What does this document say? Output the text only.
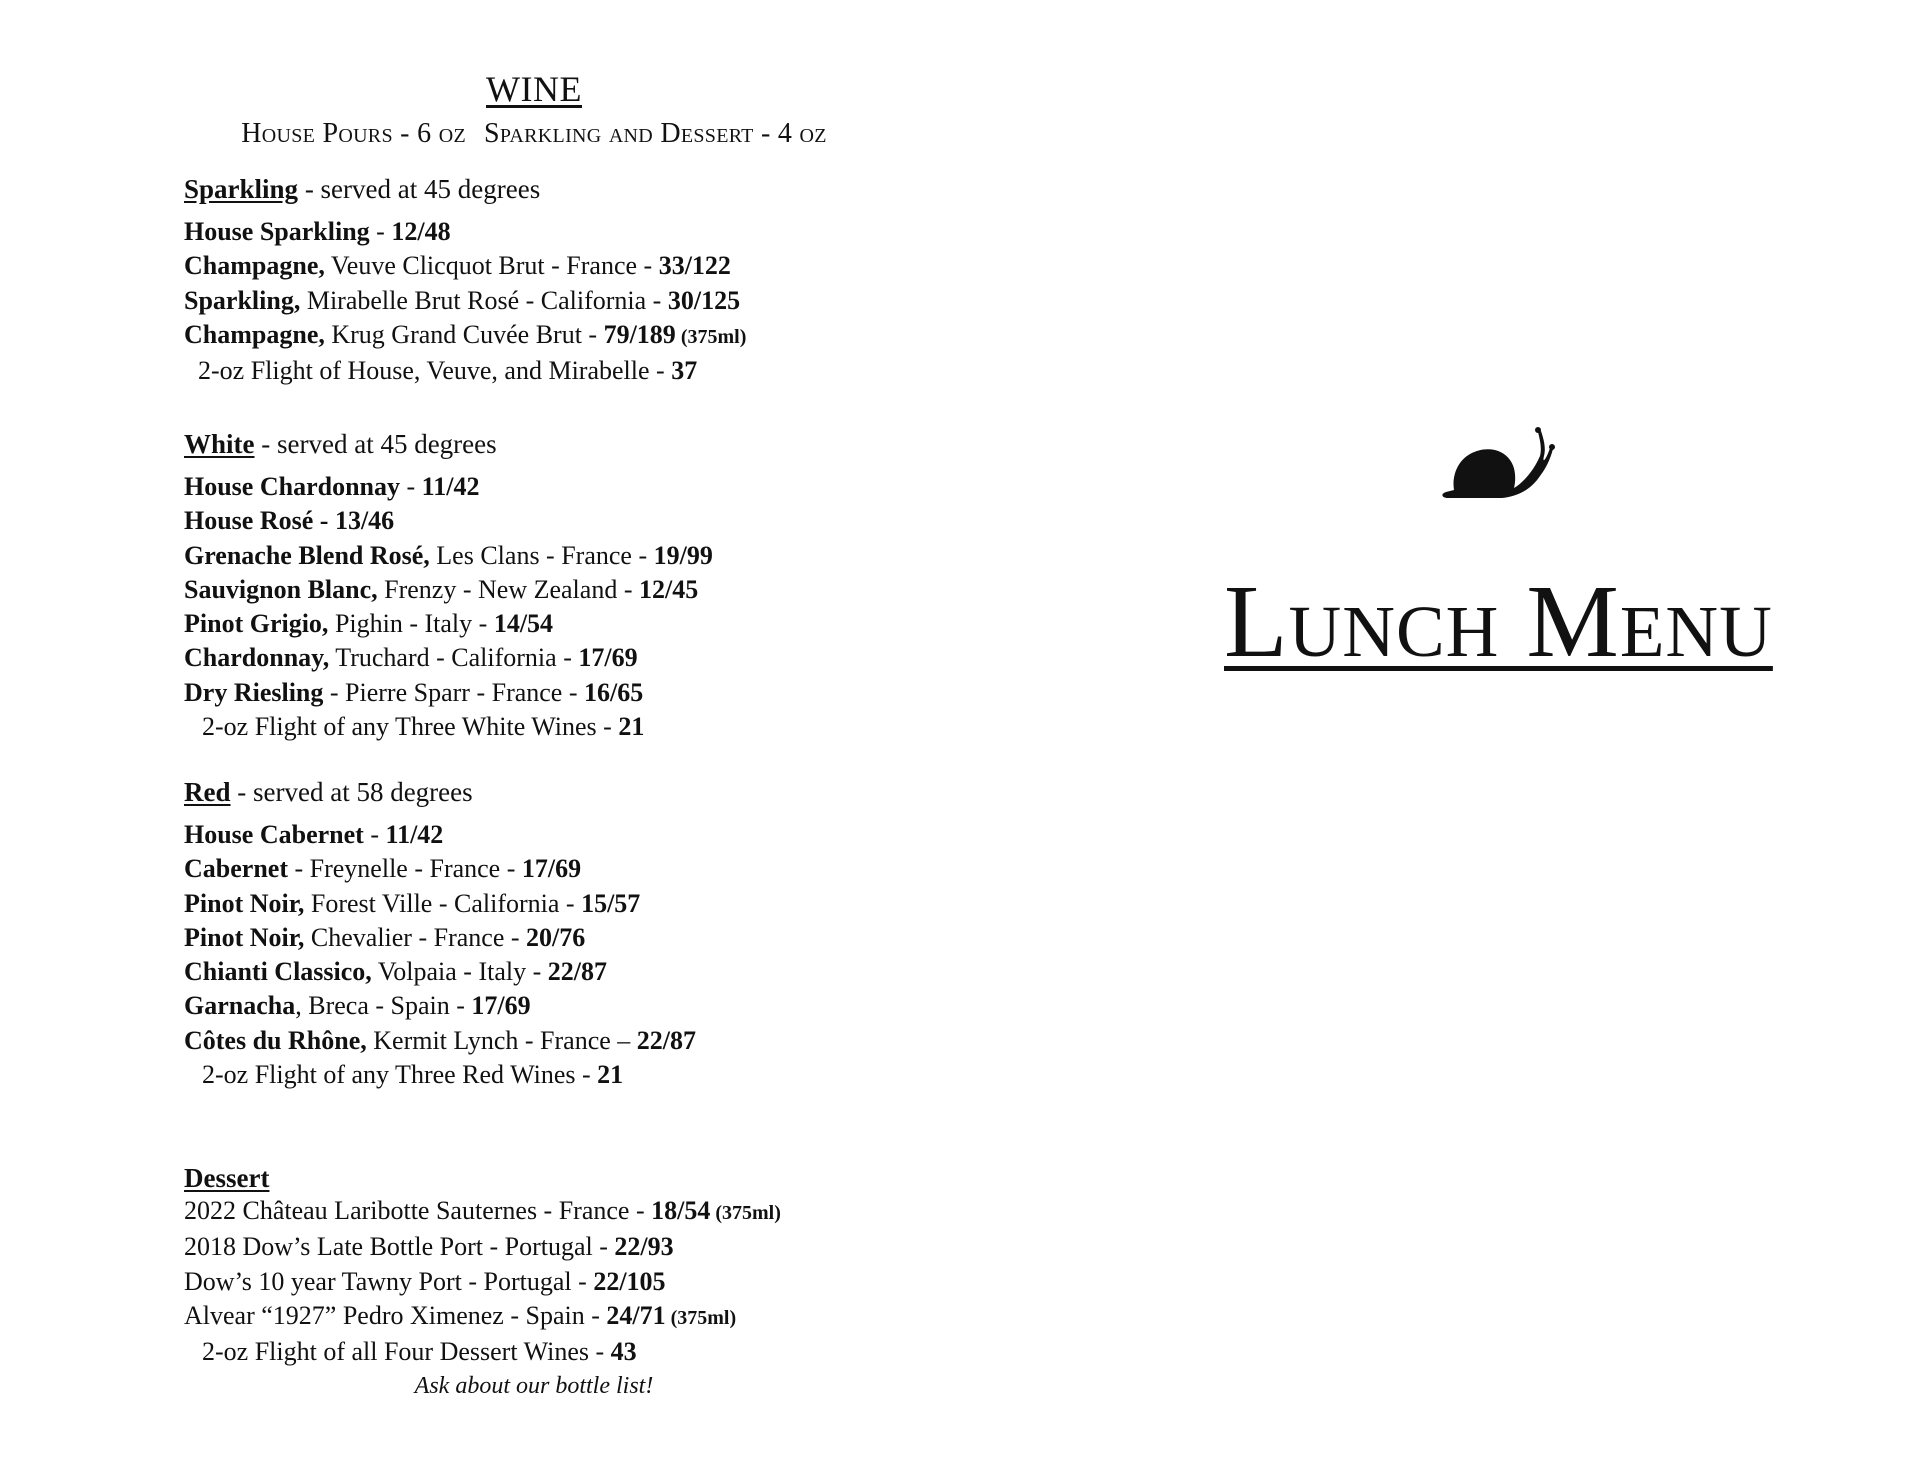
WINE
House Pours - 6 oz Sparkling and Dessert - 4 oz
Sparkling - served at 45 degrees
House Sparkling - 12/48
Champagne, Veuve Clicquot Brut - France - 33/122
Sparkling, Mirabelle Brut Rosé - California - 30/125
Champagne, Krug Grand Cuvée Brut - 79/189 (375ml)
2-oz Flight of House, Veuve, and Mirabelle - 37
White - served at 45 degrees
House Chardonnay - 11/42
House Rosé - 13/46
Grenache Blend Rosé, Les Clans - France - 19/99
Sauvignon Blanc, Frenzy - New Zealand - 12/45
Pinot Grigio, Pighin - Italy - 14/54
Chardonnay, Truchard - California - 17/69
Dry Riesling - Pierre Sparr - France - 16/65
2-oz Flight of any Three White Wines - 21
Red - served at 58 degrees
House Cabernet - 11/42
Cabernet - Freynelle - France - 17/69
Pinot Noir, Forest Ville - California - 15/57
Pinot Noir, Chevalier - France - 20/76
Chianti Classico, Volpaia - Italy - 22/87
Garnacha, Breca - Spain - 17/69
Côtes du Rhône, Kermit Lynch - France – 22/87
2-oz Flight of any Three Red Wines - 21
Dessert
2022 Château Laribotte Sauternes - France - 18/54 (375ml)
2018 Dow’s Late Bottle Port - Portugal - 22/93
Dow’s 10 year Tawny Port - Portugal - 22/105
Alvear “1927” Pedro Ximenez - Spain - 24/71 (375ml)
2-oz Flight of all Four Dessert Wines - 43
Ask about our bottle list!
Lunch Menu
